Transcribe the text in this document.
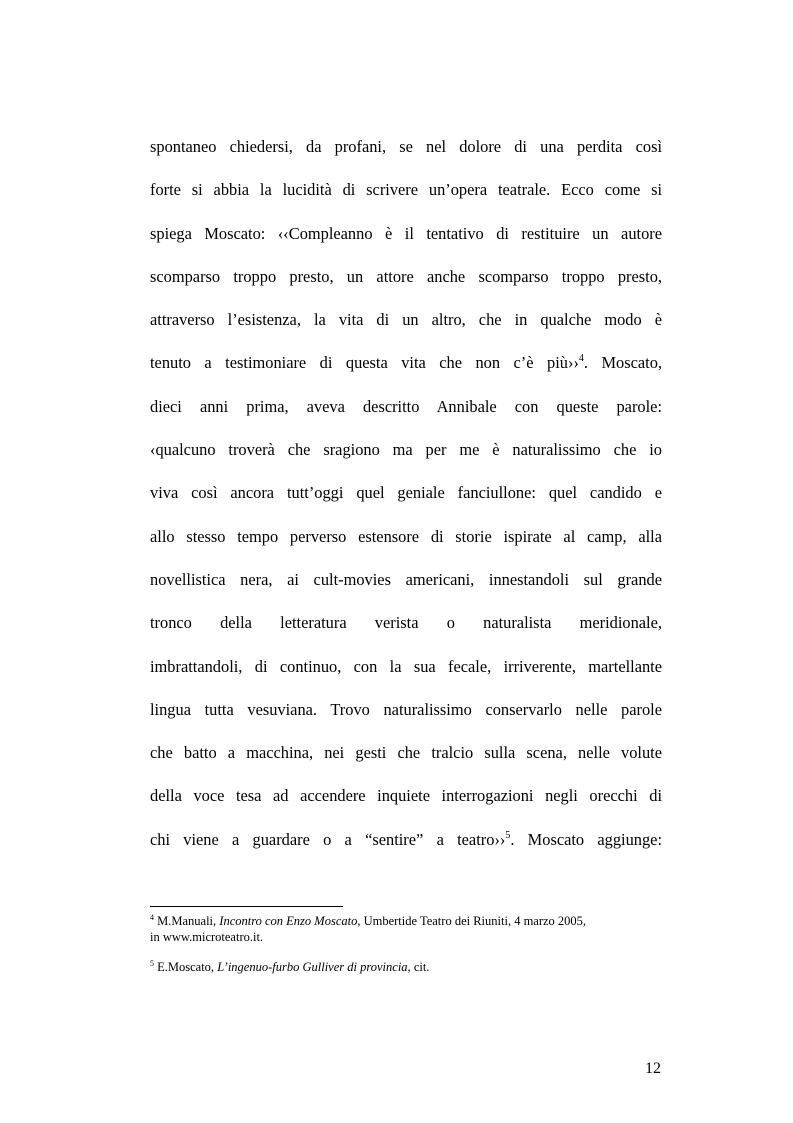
spontaneo chiedersi, da profani, se nel dolore di una perdita così
forte si abbia la lucidità di scrivere un’opera teatrale. Ecco come si
spiega Moscato: ‹‹Compleanno è il tentativo di restituire un autore
scomparso troppo presto, un attore anche scomparso troppo presto,
attraverso l’esistenza, la vita di un altro, che in qualche modo è
tenuto a testimoniare di questa vita che non c’è più››$^4$. Moscato,
dieci anni prima, aveva descritto Annibale con queste parole:
‹qualcuno troverà che sragiono ma per me è naturalissimo che io
viva così ancora tutt’oggi quel geniale fanciullone: quel candido e
allo stesso tempo perverso estensore di storie ispirate al camp, alla
novellistica nera, ai cult-movies americani, innestandoli sul grande
tronco della letteratura verista o naturalista meridionale,
imbrattandoli, di continuo, con la sua fecale, irriverente, martellante
lingua tutta vesuviana. Trovo naturalissimo conservarlo nelle parole
che batto a macchina, nei gesti che tralcio sulla scena, nelle volute
della voce tesa ad accendere inquiete interrogazioni negli orecchi di
chi viene a guardare o a “sentire” a teatro››$^5$. Moscato aggiunge:
$^4$ M.Manuali, Incontro con Enzo Moscato, Umbertide Teatro dei Riuniti, 4 marzo 2005,
in www.microteatro.it.
$^5$ E.Moscato, L’ingenuo-furbo Gulliver di provincia, cit.
12
